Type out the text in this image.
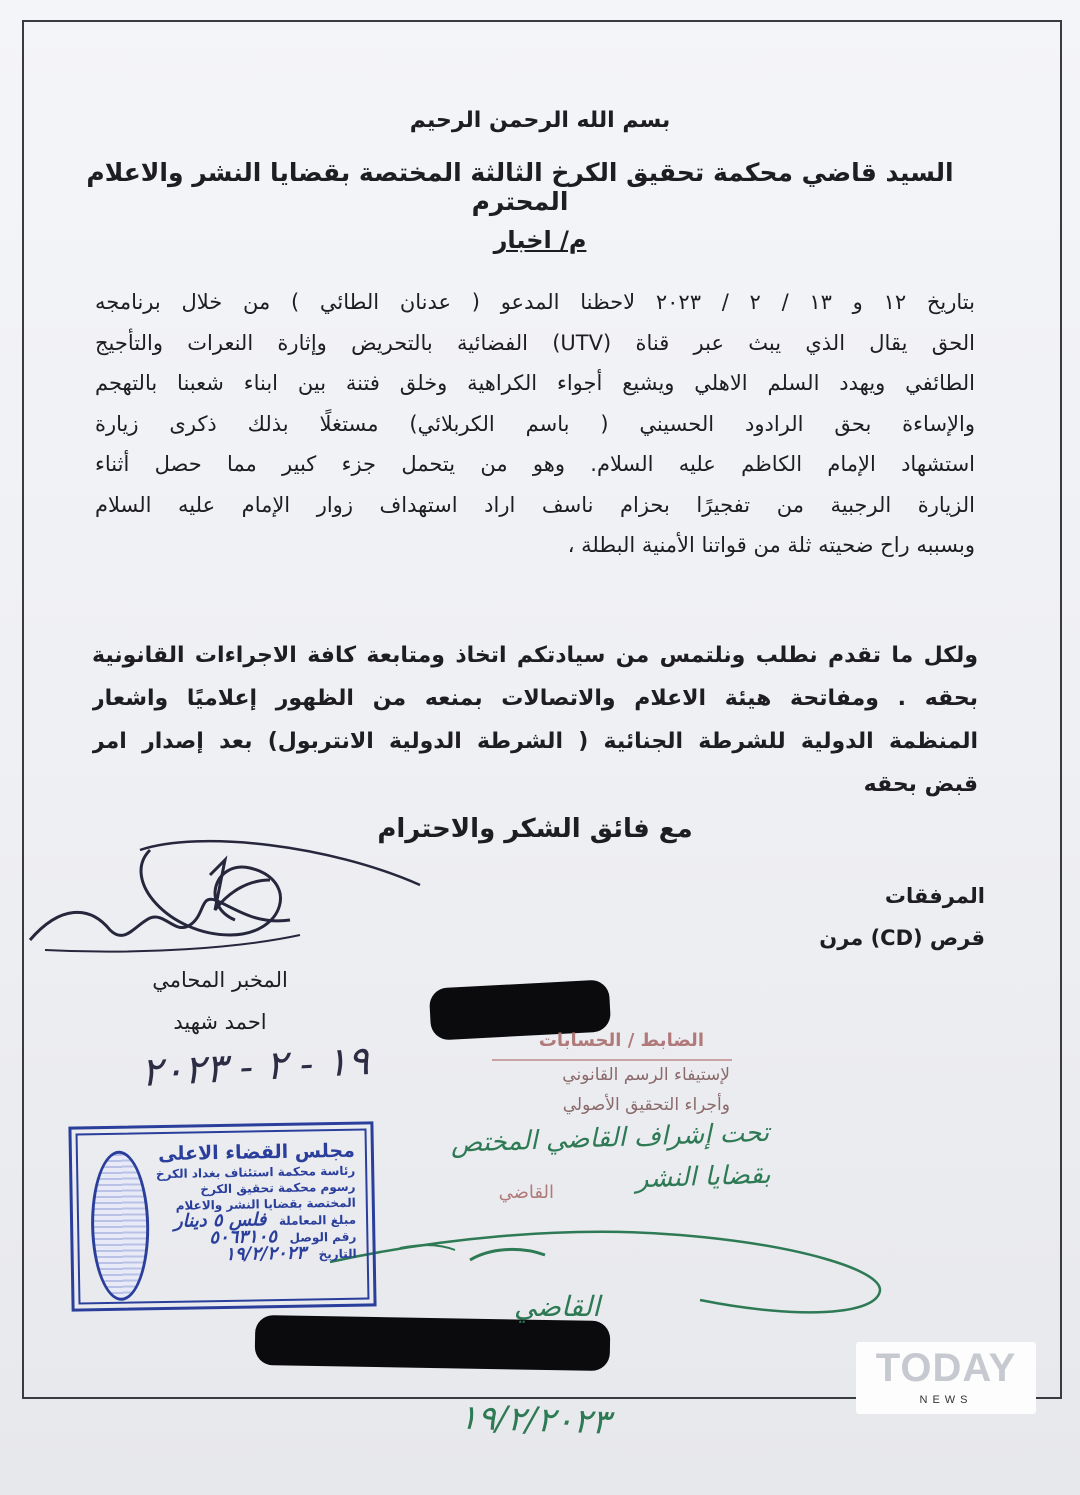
بسم الله الرحمن الرحيم
السيد قاضي محكمة تحقيق الكرخ الثالثة المختصة بقضايا النشر والاعلام المحترم
م/ اخبار
بتاريخ ١٢ و ١٣ / ٢ / ٢٠٢٣ لاحظنا المدعو ( عدنان الطائي ) من خلال برنامجه
الحق يقال الذي يبث عبر قناة (UTV) الفضائية بالتحريض وإثارة النعرات والتأجيج
الطائفي ويهدد السلم الاهلي ويشيع أجواء الكراهية وخلق فتنة بين ابناء شعبنا بالتهجم
والإساءة بحق الرادود الحسيني ( باسم الكربلائي) مستغلًا بذلك ذكرى زيارة
استشهاد الإمام الكاظم عليه السلام. وهو من يتحمل جزء كبير مما حصل أثناء
الزيارة الرجبية من تفجيرًا بحزام ناسف اراد استهداف زوار الإمام عليه السلام
وبسببه راح ضحيته ثلة من قواتنا الأمنية البطلة ،
ولكل ما تقدم نطلب ونلتمس من سيادتكم اتخاذ ومتابعة كافة الاجراءات القانونية
بحقه . ومفاتحة هيئة الاعلام والاتصالات بمنعه من الظهور إعلاميًا واشعار
المنظمة الدولية للشرطة الجنائية ( الشرطة الدولية الانتربول) بعد إصدار امر
قبض بحقه
مع فائق الشكر والاحترام
المرفقات
قرص (CD) مرن
المخبر المحامي
احمد شهيد
١٩ - ٢ - ٢٠٢٣	الضابط / الحسابات
لإستيفاء الرسم القانوني
وأجراء التحقيق الأصولي
تحت إشراف القاضي المختص
بقضايا النشر
القاضي
القاضي
١٩/٢/٢٠٢٣
مجلس القضاء الاعلى
رئاسة محكمة استئناف بغداد الكرخ
رسوم محكمة تحقيق الكرخ
المختصة بقضايا النشر والاعلام
مبلغ المعاملة   فلس ٥ دينار
رقم الوصل   ٥٠٦٣١٠٥
التاريخ   ١٩/٢/٢٠٢٣
TODAY
NEWS
